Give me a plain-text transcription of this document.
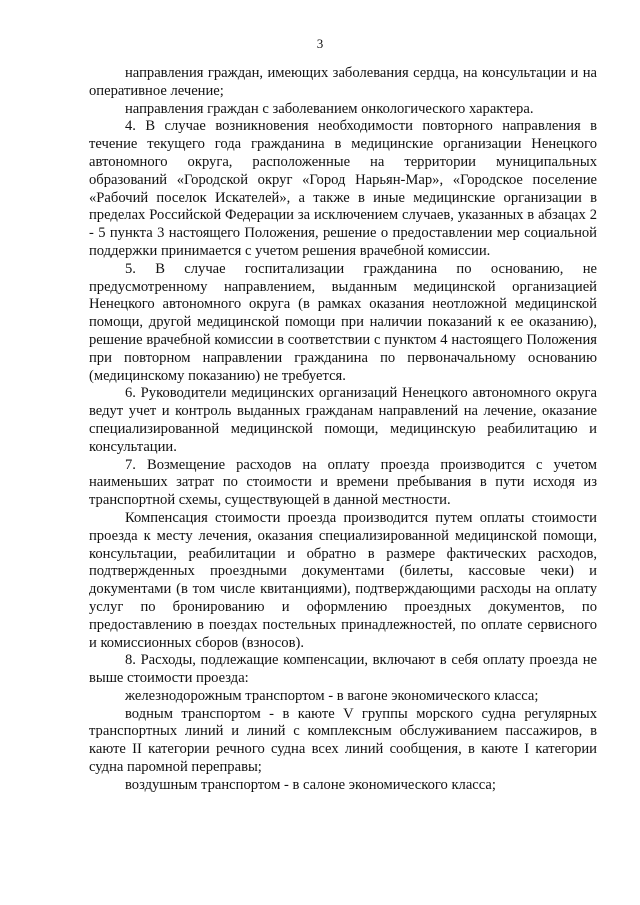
3

направления граждан, имеющих заболевания сердца, на консультации и на оперативное лечение;

направления граждан с заболеванием онкологического характера.

4. В случае возникновения необходимости повторного направления в течение текущего года гражданина в медицинские организации Ненецкого автономного округа, расположенные на территории муниципальных образований «Городской округ «Город Нарьян-Мар», «Городское поселение «Рабочий поселок Искателей», а также в иные медицинские организации в пределах Российской Федерации за исключением случаев, указанных в абзацах 2 - 5 пункта 3 настоящего Положения, решение о предоставлении мер социальной поддержки принимается с учетом решения врачебной комиссии.

5. В случае госпитализации гражданина по основанию, не предусмотренному направлением, выданным медицинской организацией Ненецкого автономного округа (в рамках оказания неотложной медицинской помощи, другой медицинской помощи при наличии показаний к ее оказанию), решение врачебной комиссии в соответствии с пунктом 4 настоящего Положения при повторном направлении гражданина по первоначальному основанию (медицинскому показанию) не требуется.

6. Руководители медицинских организаций Ненецкого автономного округа ведут учет и контроль выданных гражданам направлений на лечение, оказание специализированной медицинской помощи, медицинскую реабилитацию и консультации.

7. Возмещение расходов на оплату проезда производится с учетом наименьших затрат по стоимости и времени пребывания в пути исходя из транспортной схемы, существующей в данной местности.

Компенсация стоимости проезда производится путем оплаты стоимости проезда к месту лечения, оказания специализированной медицинской помощи, консультации, реабилитации и обратно в размере фактических расходов, подтвержденных проездными документами (билеты, кассовые чеки) и документами (в том числе квитанциями), подтверждающими расходы на оплату услуг по бронированию и оформлению проездных документов, по предоставлению в поездах постельных принадлежностей, по оплате сервисного и комиссионных сборов (взносов).

8. Расходы, подлежащие компенсации, включают в себя оплату проезда не выше стоимости проезда:

железнодорожным транспортом - в вагоне экономического класса;

водным транспортом - в каюте V группы морского судна регулярных транспортных линий и линий с комплексным обслуживанием пассажиров, в каюте II категории речного судна всех линий сообщения, в каюте I категории судна паромной переправы;

воздушным транспортом - в салоне экономического класса;
